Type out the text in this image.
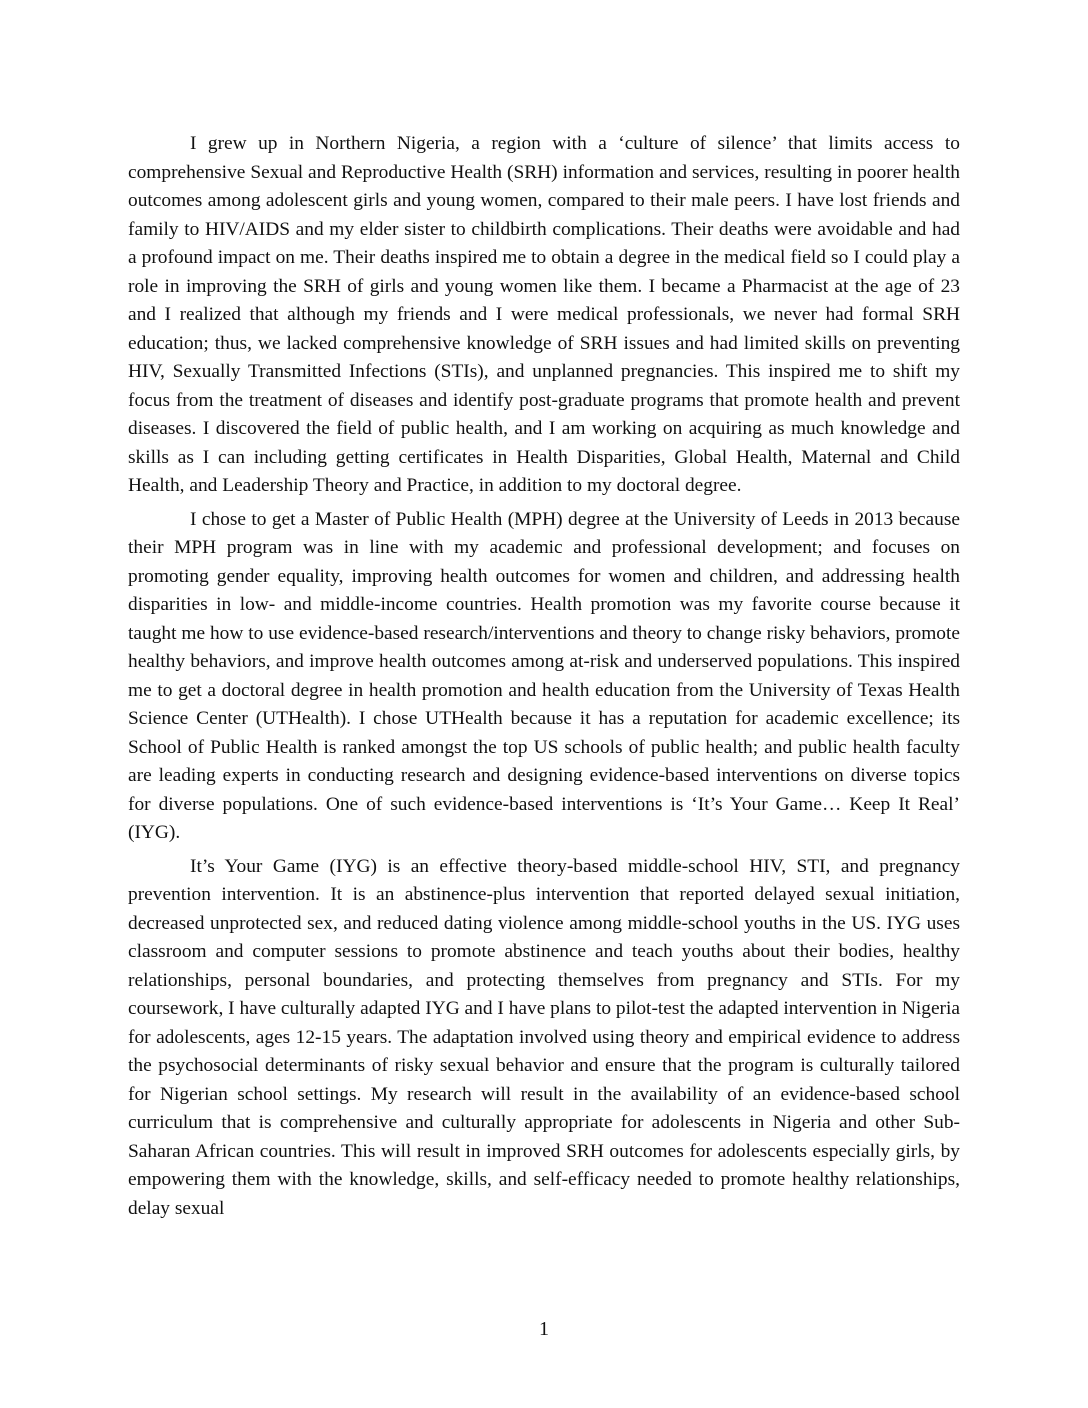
I grew up in Northern Nigeria, a region with a ‘culture of silence’ that limits access to comprehensive Sexual and Reproductive Health (SRH) information and services, resulting in poorer health outcomes among adolescent girls and young women, compared to their male peers. I have lost friends and family to HIV/AIDS and my elder sister to childbirth complications. Their deaths were avoidable and had a profound impact on me. Their deaths inspired me to obtain a degree in the medical field so I could play a role in improving the SRH of girls and young women like them. I became a Pharmacist at the age of 23 and I realized that although my friends and I were medical professionals, we never had formal SRH education; thus, we lacked comprehensive knowledge of SRH issues and had limited skills on preventing HIV, Sexually Transmitted Infections (STIs), and unplanned pregnancies. This inspired me to shift my focus from the treatment of diseases and identify post-graduate programs that promote health and prevent diseases. I discovered the field of public health, and I am working on acquiring as much knowledge and skills as I can including getting certificates in Health Disparities, Global Health, Maternal and Child Health, and Leadership Theory and Practice, in addition to my doctoral degree.

I chose to get a Master of Public Health (MPH) degree at the University of Leeds in 2013 because their MPH program was in line with my academic and professional development; and focuses on promoting gender equality, improving health outcomes for women and children, and addressing health disparities in low- and middle-income countries. Health promotion was my favorite course because it taught me how to use evidence-based research/interventions and theory to change risky behaviors, promote healthy behaviors, and improve health outcomes among at-risk and underserved populations. This inspired me to get a doctoral degree in health promotion and health education from the University of Texas Health Science Center (UTHealth). I chose UTHealth because it has a reputation for academic excellence; its School of Public Health is ranked amongst the top US schools of public health; and public health faculty are leading experts in conducting research and designing evidence-based interventions on diverse topics for diverse populations. One of such evidence-based interventions is ‘It’s Your Game… Keep It Real’ (IYG).

It’s Your Game (IYG) is an effective theory-based middle-school HIV, STI, and pregnancy prevention intervention. It is an abstinence-plus intervention that reported delayed sexual initiation, decreased unprotected sex, and reduced dating violence among middle-school youths in the US. IYG uses classroom and computer sessions to promote abstinence and teach youths about their bodies, healthy relationships, personal boundaries, and protecting themselves from pregnancy and STIs. For my coursework, I have culturally adapted IYG and I have plans to pilot-test the adapted intervention in Nigeria for adolescents, ages 12-15 years. The adaptation involved using theory and empirical evidence to address the psychosocial determinants of risky sexual behavior and ensure that the program is culturally tailored for Nigerian school settings. My research will result in the availability of an evidence-based school curriculum that is comprehensive and culturally appropriate for adolescents in Nigeria and other Sub-Saharan African countries. This will result in improved SRH outcomes for adolescents especially girls, by empowering them with the knowledge, skills, and self-efficacy needed to promote healthy relationships, delay sexual

1
